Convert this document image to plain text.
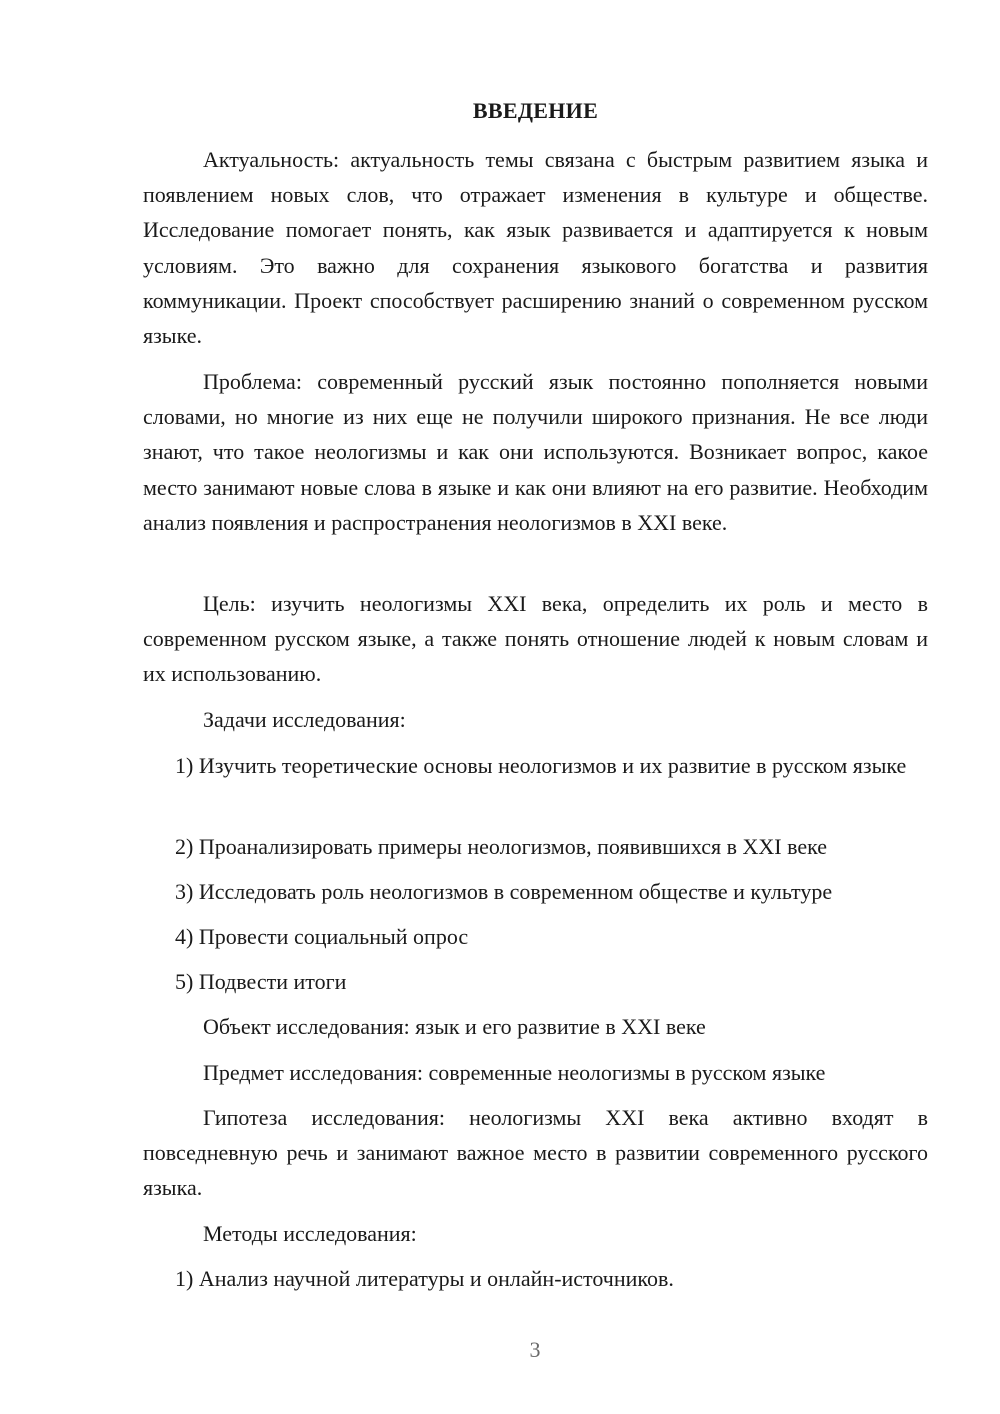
ВВЕДЕНИЕ

Актуальность: актуальность темы связана с быстрым развитием языка и появлением новых слов, что отражает изменения в культуре и обществе. Исследование помогает понять, как язык развивается и адаптируется к новым условиям. Это важно для сохранения языкового богатства и развития коммуникации. Проект способствует расширению знаний о современном русском языке.

Проблема: современный русский язык постоянно пополняется новыми словами, но многие из них еще не получили широкого признания. Не все люди знают, что такое неологизмы и как они используются. Возникает вопрос, какое место занимают новые слова в языке и как они влияют на его развитие. Необходим анализ появления и распространения неологизмов в XXI веке.

Цель: изучить неологизмы XXI века, определить их роль и место в современном русском языке, а также понять отношение людей к новым словам и их использованию.

Задачи исследования:

1) Изучить теоретические основы неологизмов и их развитие в русском языке

2) Проанализировать примеры неологизмов, появившихся в XXI веке

3) Исследовать роль неологизмов в современном обществе и культуре

4) Провести социальный опрос

5) Подвести итоги

Объект исследования: язык и его развитие в XXI веке

Предмет исследования: современные неологизмы в русском языке

Гипотеза исследования: неологизмы XXI века активно входят в повседневную речь и занимают важное место в развитии современного русского языка.

Методы исследования:

1) Анализ научной литературы и онлайн-источников.

3
